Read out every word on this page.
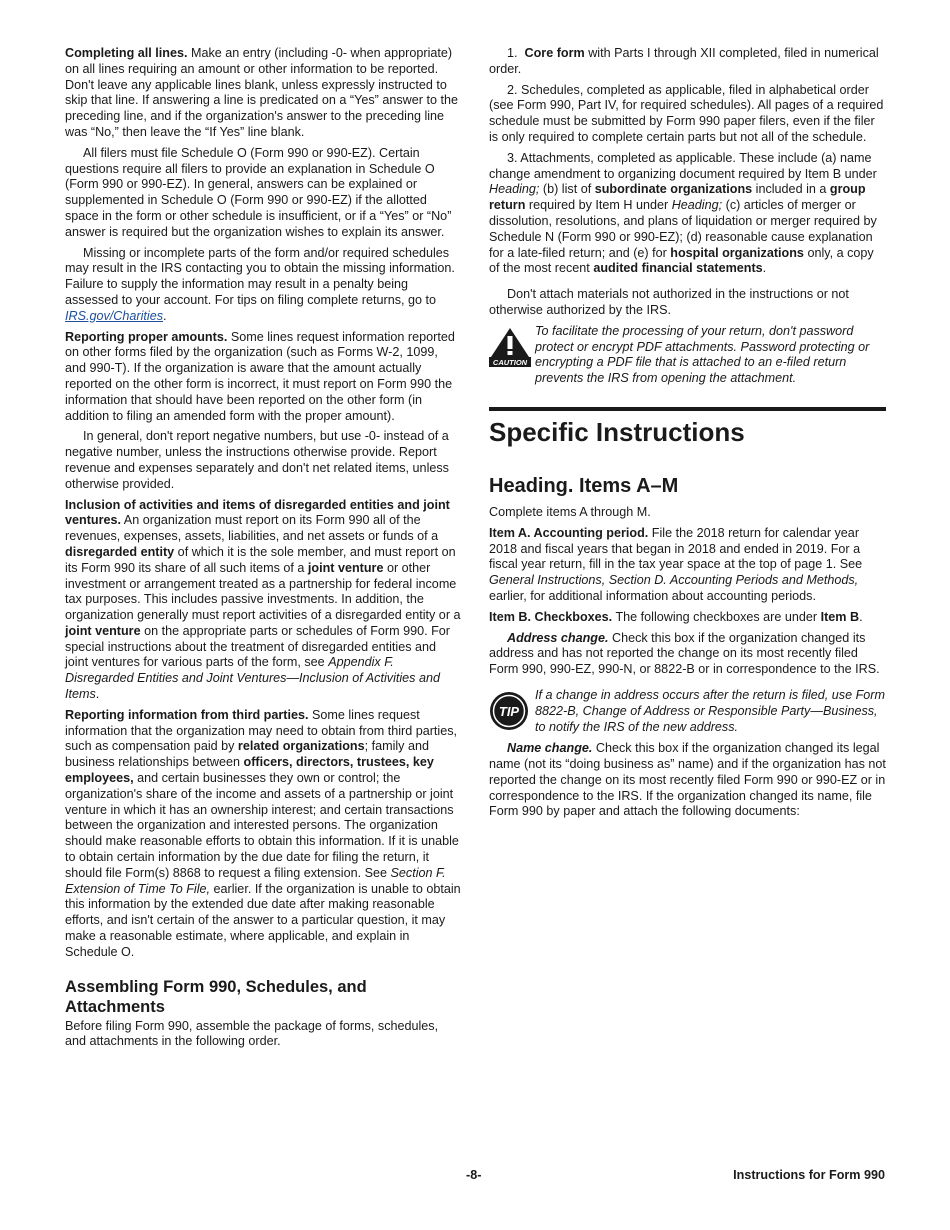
Completing all lines. Make an entry (including -0- when appropriate) on all lines requiring an amount or other information to be reported. Don't leave any applicable lines blank, unless expressly instructed to skip that line. If answering a line is predicated on a “Yes” answer to the preceding line, and if the organization's answer to the preceding line was “No,” then leave the “If Yes” line blank.

All filers must file Schedule O (Form 990 or 990-EZ). Certain questions require all filers to provide an explanation in Schedule O (Form 990 or 990-EZ). In general, answers can be explained or supplemented in Schedule O (Form 990 or 990-EZ) if the allotted space in the form or other schedule is insufficient, or if a “Yes” or “No” answer is required but the organization wishes to explain its answer.

Missing or incomplete parts of the form and/or required schedules may result in the IRS contacting you to obtain the missing information. Failure to supply the information may result in a penalty being assessed to your account. For tips on filing complete returns, go to IRS.gov/Charities.

Reporting proper amounts. Some lines request information reported on other forms filed by the organization (such as Forms W-2, 1099, and 990-T). If the organization is aware that the amount actually reported on the other form is incorrect, it must report on Form 990 the information that should have been reported on the other form (in addition to filing an amended form with the proper amount).

In general, don't report negative numbers, but use -0- instead of a negative number, unless the instructions otherwise provide. Report revenue and expenses separately and don't net related items, unless otherwise provided.

Inclusion of activities and items of disregarded entities and joint ventures. An organization must report on its Form 990 all of the revenues, expenses, assets, liabilities, and net assets or funds of a disregarded entity of which it is the sole member, and must report on its Form 990 its share of all such items of a joint venture or other investment or arrangement treated as a partnership for federal income tax purposes. This includes passive investments. In addition, the organization generally must report activities of a disregarded entity or a joint venture on the appropriate parts or schedules of Form 990. For special instructions about the treatment of disregarded entities and joint ventures for various parts of the form, see Appendix F. Disregarded Entities and Joint Ventures—Inclusion of Activities and Items.

Reporting information from third parties. Some lines request information that the organization may need to obtain from third parties, such as compensation paid by related organizations; family and business relationships between officers, directors, trustees, key employees, and certain businesses they own or control; the organization's share of the income and assets of a partnership or joint venture in which it has an ownership interest; and certain transactions between the organization and interested persons. The organization should make reasonable efforts to obtain this information. If it is unable to obtain certain information by the due date for filing the return, it should file Form(s) 8868 to request a filing extension. See Section F. Extension of Time To File, earlier. If the organization is unable to obtain this information by the extended due date after making reasonable efforts, and isn't certain of the answer to a particular question, it may make a reasonable estimate, where applicable, and explain in Schedule O.

Assembling Form 990, Schedules, and Attachments

Before filing Form 990, assemble the package of forms, schedules, and attachments in the following order.

1. Core form with Parts I through XII completed, filed in numerical order.

2. Schedules, completed as applicable, filed in alphabetical order (see Form 990, Part IV, for required schedules). All pages of a required schedule must be submitted by Form 990 paper filers, even if the filer is only required to complete certain parts but not all of the schedule.

3. Attachments, completed as applicable. These include (a) name change amendment to organizing document required by Item B under Heading; (b) list of subordinate organizations included in a group return required by Item H under Heading; (c) articles of merger or dissolution, resolutions, and plans of liquidation or merger required by Schedule N (Form 990 or 990-EZ); (d) reasonable cause explanation for a late-filed return; and (e) for hospital organizations only, a copy of the most recent audited financial statements.

Don't attach materials not authorized in the instructions or not otherwise authorized by the IRS.

CAUTION
To facilitate the processing of your return, don't password protect or encrypt PDF attachments. Password protecting or encrypting a PDF file that is attached to an e-filed return prevents the IRS from opening the attachment.
Specific Instructions
Heading. Items A–M

Complete items A through M.

Item A. Accounting period. File the 2018 return for calendar year 2018 and fiscal years that began in 2018 and ended in 2019. For a fiscal year return, fill in the tax year space at the top of page 1. See General Instructions, Section D. Accounting Periods and Methods, earlier, for additional information about accounting periods.

Item B. Checkboxes. The following checkboxes are under Item B.

Address change. Check this box if the organization changed its address and has not reported the change on its most recently filed Form 990, 990-EZ, 990-N, or 8822-B or in correspondence to the IRS.

TIP
If a change in address occurs after the return is filed, use Form 8822-B, Change of Address or Responsible Party—Business, to notify the IRS of the new address.

Name change. Check this box if the organization changed its legal name (not its “doing business as” name) and if the organization has not reported the change on its most recently filed Form 990 or 990-EZ or in correspondence to the IRS. If the organization changed its name, file Form 990 by paper and attach the following documents:

-8-	Instructions for Form 990
